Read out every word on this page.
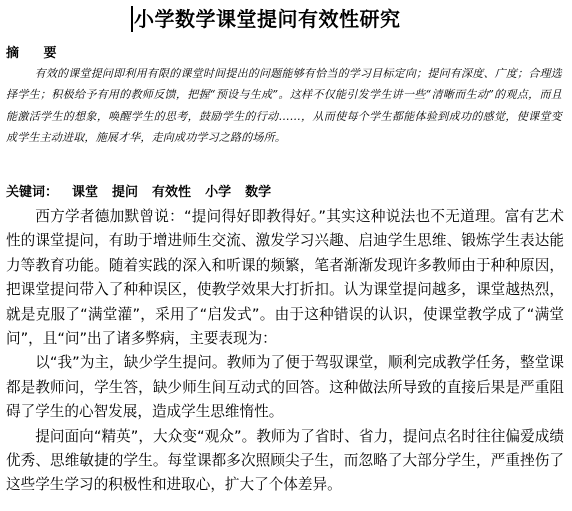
小学数学课堂提问有效性研究
摘 要
有效的课堂提问即利用有限的课堂时间提出的问题能够有恰当的学习目标定向；提问有深度、广度；合理选择学生；积极给予有用的教师反馈，把握“预设与生成”。这样不仅能引发学生讲一些“清晰而生动”的观点，而且能激活学生的想象，唤醒学生的思考，鼓励学生的行动……，从而使每个学生都能体验到成功的感觉，使课堂变成学生主动进取，施展才华，走向成功学习之路的场所。
关键词： 课堂 提问 有效性 小学 数学

西方学者德加默曾说：“提问得好即教得好。”其实这种说法也不无道理。富有艺术性的课堂提问，有助于增进师生交流、激发学习兴趣、启迪学生思维、锻炼学生表达能力等教育功能。随着实践的深入和听课的频繁，笔者渐渐发现许多教师由于种种原因，把课堂提问带入了种种误区，使教学效果大打折扣。认为课堂提问越多，课堂越热烈，就是克服了“满堂灌”，采用了“启发式”。由于这种错误的认识，使课堂教学成了“满堂问”，且“问”出了诸多弊病，主要表现为：

以“我”为主，缺少学生提问。教师为了便于驾驭课堂，顺利完成教学任务，整堂课都是教师问，学生答，缺少师生间互动式的回答。这种做法所导致的直接后果是严重阻碍了学生的心智发展，造成学生思维惰性。

提问面向“精英”，大众变“观众”。教师为了省时、省力，提问点名时往往偏爱成绩优秀、思维敏捷的学生。每堂课都多次照顾尖子生，而忽略了大部分学生，严重挫伤了这些学生学习的积极性和进取心，扩大了个体差异。
